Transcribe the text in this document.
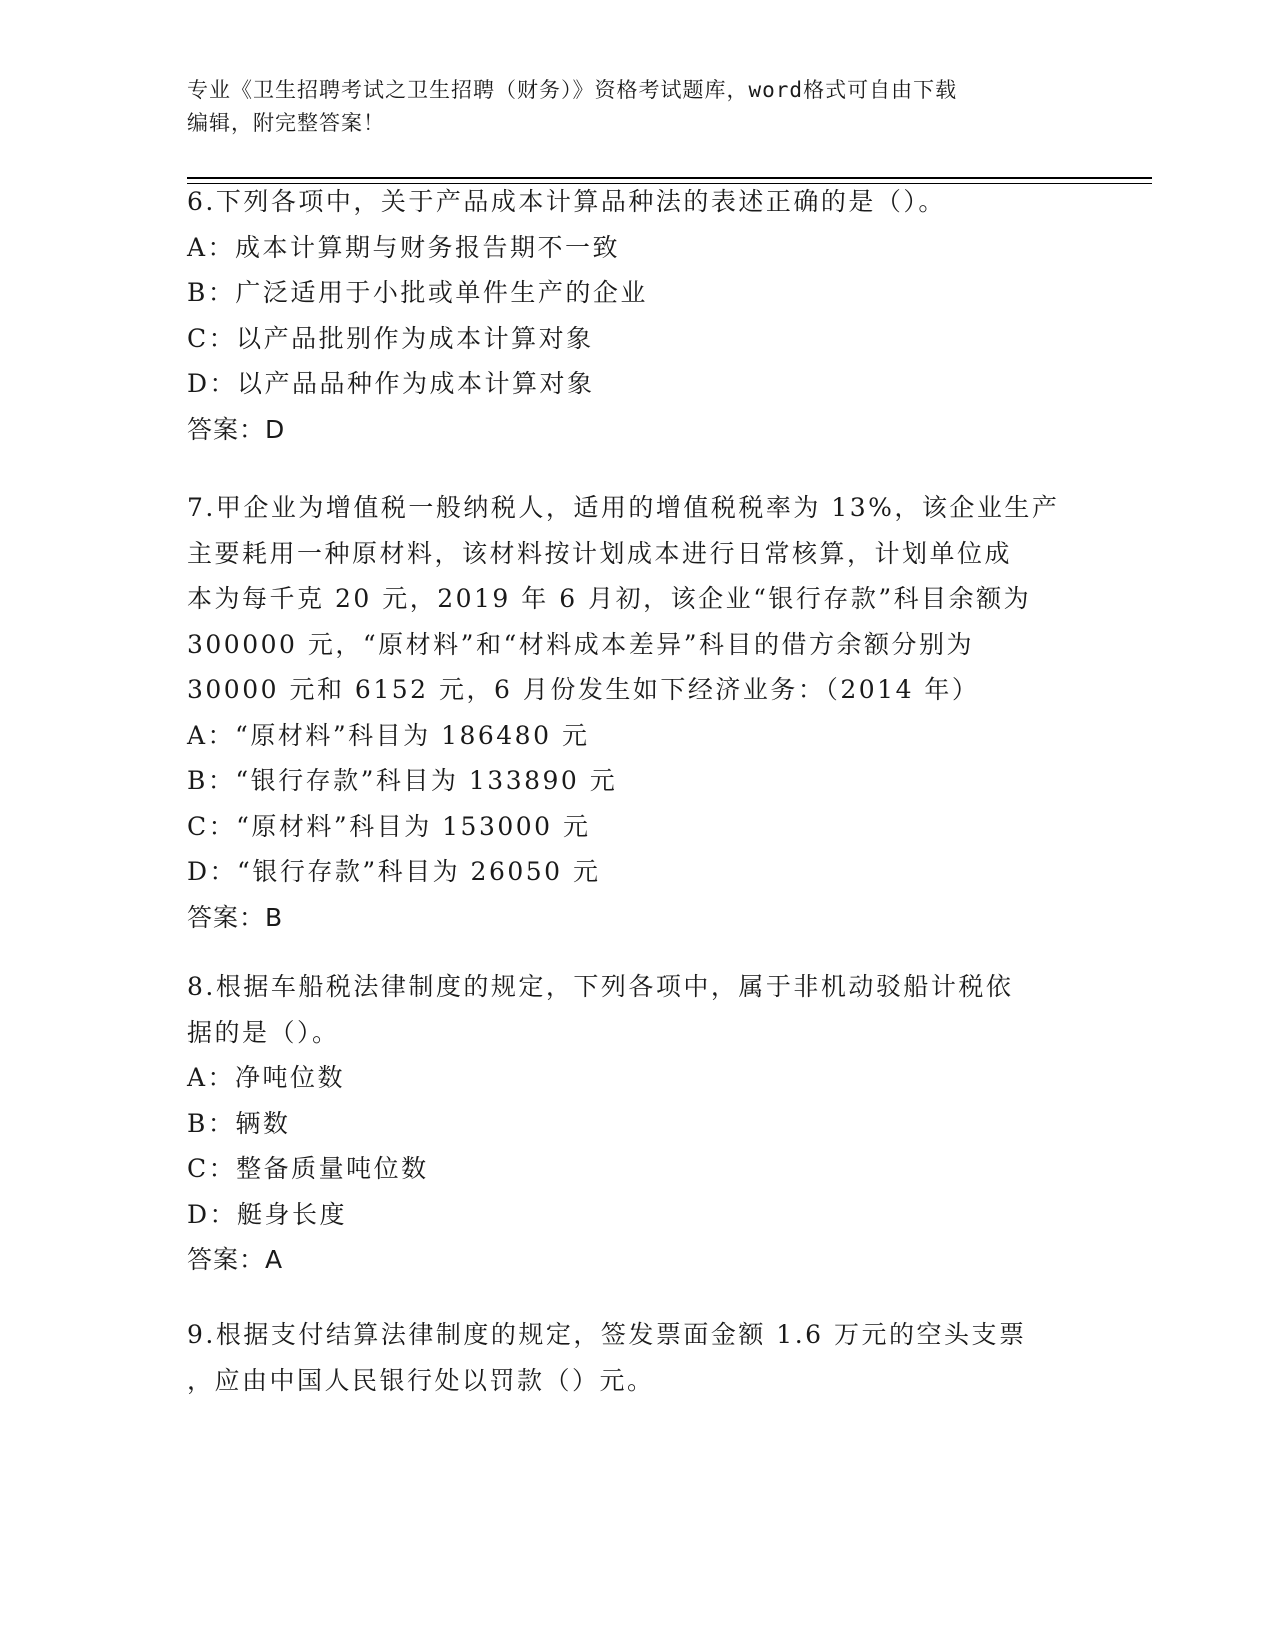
专业《卫生招聘考试之卫生招聘（财务）》资格考试题库，word格式可自由下载
编辑，附完整答案！
6.下列各项中，关于产品成本计算品种法的表述正确的是（）。
A：成本计算期与财务报告期不一致
B：广泛适用于小批或单件生产的企业
C：以产品批别作为成本计算对象
D：以产品品种作为成本计算对象
答案：D
7.甲企业为增值税一般纳税人，适用的增值税税率为 13%，该企业生产
主要耗用一种原材料，该材料按计划成本进行日常核算，计划单位成
本为每千克 20 元，2019 年 6 月初，该企业“银行存款”科目余额为
300000 元，“原材料”和“材料成本差异”科目的借方余额分别为
30000 元和 6152 元，6 月份发生如下经济业务：（2014 年）
A：“原材料”科目为 186480 元
B：“银行存款”科目为 133890 元
C：“原材料”科目为 153000 元
D：“银行存款”科目为 26050 元
答案：B
8.根据车船税法律制度的规定，下列各项中，属于非机动驳船计税依
据的是（）。
A：净吨位数
B：辆数
C：整备质量吨位数
D：艇身长度
答案：A
9.根据支付结算法律制度的规定，签发票面金额 1.6 万元的空头支票
，应由中国人民银行处以罚款（）元。
